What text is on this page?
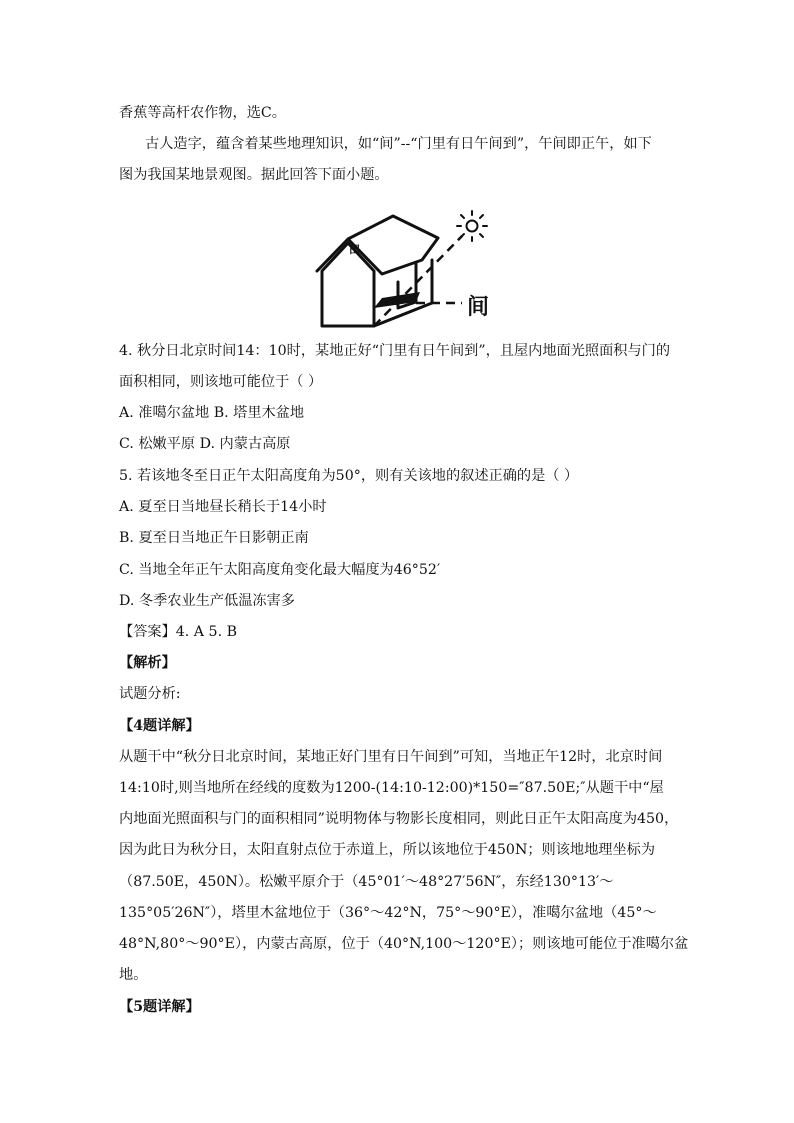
香蕉等高杆农作物，选C。
古人造字，蕴含着某些地理知识，如“间”--“门里有日午间到”，午间即正午，如下
图为我国某地景观图。据此回答下面小题。
田
间
4. 秋分日北京时间14：10时，某地正好“门里有日午间到”，且屋内地面光照面积与门的
面积相同，则该地可能位于（ ）
A. 准噶尔盆地 B. 塔里木盆地
C. 松嫩平原 D. 内蒙古高原
5. 若该地冬至日正午太阳高度角为50°，则有关该地的叙述正确的是（ ）
A. 夏至日当地昼长稍长于14小时
B. 夏至日当地正午日影朝正南
C. 当地全年正午太阳高度角变化最大幅度为46°52′
D. 冬季农业生产低温冻害多
【答案】4. A 5. B
【解析】
试题分析:
【4题详解】
从题干中“秋分日北京时间，某地正好门里有日午间到”可知，当地正午12时，北京时间
14:10时,则当地所在经线的度数为1200-(14:10-12:00)*150=″87.50E;″从题干中“屋
内地面光照面积与门的面积相同”说明物体与物影长度相同，则此日正午太阳高度为450，
因为此日为秋分日，太阳直射点位于赤道上，所以该地位于450N；则该地地理坐标为
（87.50E，450N）。松嫩平原介于（45°01′～48°27′56N″，东经130°13′～
135°05′26N″），塔里木盆地位于（36°～42°N，75°～90°E），准噶尔盆地（45°～
48°N,80°～90°E），内蒙古高原，位于（40°N,100～120°E）；则该地可能位于准噶尔盆
地。
【5题详解】
